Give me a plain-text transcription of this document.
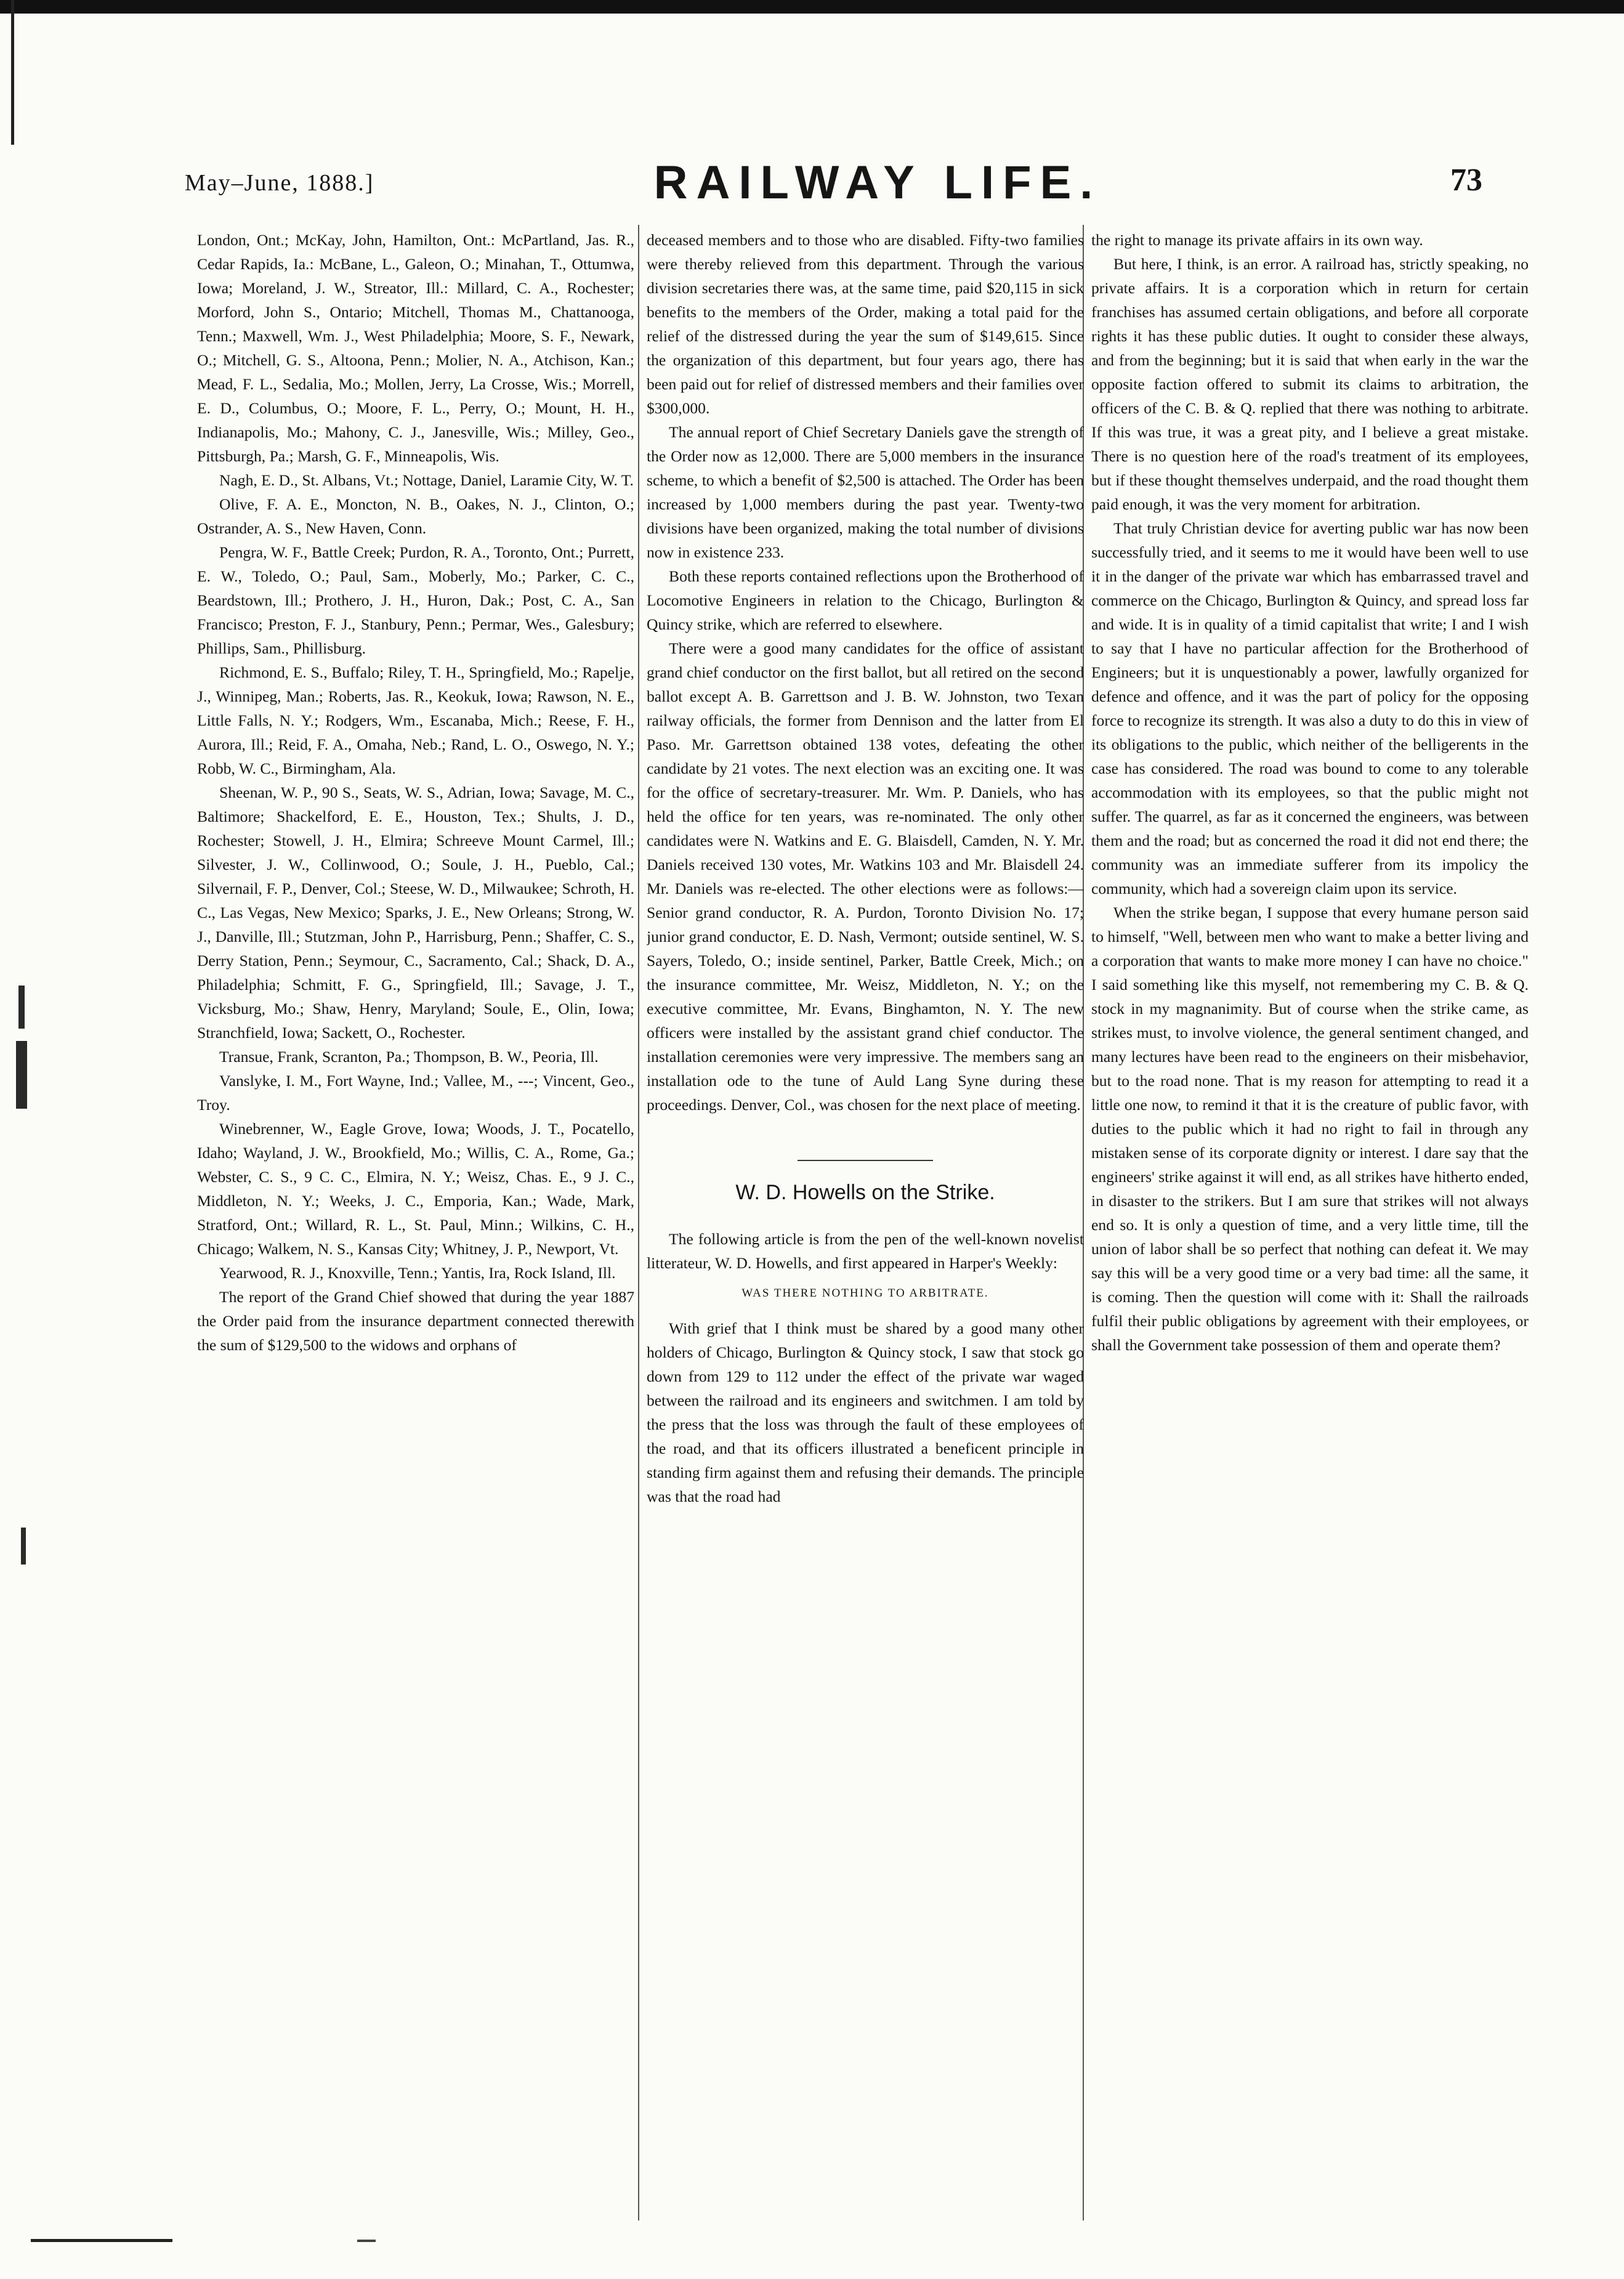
May–June, 1888.]	RAILWAY LIFE.	73

London, Ont.; McKay, John, Hamilton, Ont.: McPartland, Jas. R., Cedar Rapids, Ia.: McBane, L., Galeon, O.; Minahan, T., Ottumwa, Iowa; Moreland, J. W., Streator, Ill.: Millard, C. A., Rochester; Morford, John S., Ontario; Mitchell, Thomas M., Chattanooga, Tenn.; Maxwell, Wm. J., West Philadelphia; Moore, S. F., Newark, O.; Mitchell, G. S., Altoona, Penn.; Molier, N. A., Atchison, Kan.; Mead, F. L., Sedalia, Mo.; Mollen, Jerry, La Crosse, Wis.; Morrell, E. D., Columbus, O.; Moore, F. L., Perry, O.; Mount, H. H., Indianapolis, Mo.; Mahony, C. J., Janesville, Wis.; Milley, Geo., Pittsburgh, Pa.; Marsh, G. F., Minneapolis, Wis.

Nagh, E. D., St. Albans, Vt.; Nottage, Daniel, Laramie City, W. T.

Olive, F. A. E., Moncton, N. B., Oakes, N. J., Clinton, O.; Ostrander, A. S., New Haven, Conn.

Pengra, W. F., Battle Creek; Purdon, R. A., Toronto, Ont.; Purrett, E. W., Toledo, O.; Paul, Sam., Moberly, Mo.; Parker, C. C., Beardstown, Ill.; Prothero, J. H., Huron, Dak.; Post, C. A., San Francisco; Preston, F. J., Stanbury, Penn.; Permar, Wes., Galesbury; Phillips, Sam., Phillisburg.

Richmond, E. S., Buffalo; Riley, T. H., Springfield, Mo.; Rapelje, J., Winnipeg, Man.; Roberts, Jas. R., Keokuk, Iowa; Rawson, N. E., Little Falls, N. Y.; Rodgers, Wm., Escanaba, Mich.; Reese, F. H., Aurora, Ill.; Reid, F. A., Omaha, Neb.; Rand, L. O., Oswego, N. Y.; Robb, W. C., Birmingham, Ala.

Sheenan, W. P., 90 S., Seats, W. S., Adrian, Iowa; Savage, M. C., Baltimore; Shackelford, E. E., Houston, Tex.; Shults, J. D., Rochester; Stowell, J. H., Elmira; Schreeve Mount Carmel, Ill.; Silvester, J. W., Collinwood, O.; Soule, J. H., Pueblo, Cal.; Silvernail, F. P., Denver, Col.; Steese, W. D., Milwaukee; Schroth, H. C., Las Vegas, New Mexico; Sparks, J. E., New Orleans; Strong, W. J., Danville, Ill.; Stutzman, John P., Harrisburg, Penn.; Shaffer, C. S., Derry Station, Penn.; Seymour, C., Sacramento, Cal.; Shack, D. A., Philadelphia; Schmitt, F. G., Springfield, Ill.; Savage, J. T., Vicksburg, Mo.; Shaw, Henry, Maryland; Soule, E., Olin, Iowa; Stranchfield, Iowa; Sackett, O., Rochester.

Transue, Frank, Scranton, Pa.; Thompson, B. W., Peoria, Ill.

Vanslyke, I. M., Fort Wayne, Ind.; Vallee, M., ---; Vincent, Geo., Troy.

Winebrenner, W., Eagle Grove, Iowa; Woods, J. T., Pocatello, Idaho; Wayland, J. W., Brookfield, Mo.; Willis, C. A., Rome, Ga.; Webster, C. S., 9 C. C., Elmira, N. Y.; Weisz, Chas. E., 9 J. C., Middleton, N. Y.; Weeks, J. C., Emporia, Kan.; Wade, Mark, Stratford, Ont.; Willard, R. L., St. Paul, Minn.; Wilkins, C. H., Chicago; Walkem, N. S., Kansas City; Whitney, J. P., Newport, Vt.

Yearwood, R. J., Knoxville, Tenn.; Yantis, Ira, Rock Island, Ill.

The report of the Grand Chief showed that during the year 1887 the Order paid from the insurance department connected therewith the sum of $129,500 to the widows and orphans of

deceased members and to those who are disabled. Fifty-two families were thereby relieved from this department. Through the various division secretaries there was, at the same time, paid $20,115 in sick benefits to the members of the Order, making a total paid for the relief of the distressed during the year the sum of $149,615. Since the organization of this department, but four years ago, there has been paid out for relief of distressed members and their families over $300,000.

The annual report of Chief Secretary Daniels gave the strength of the Order now as 12,000. There are 5,000 members in the insurance scheme, to which a benefit of $2,500 is attached. The Order has been increased by 1,000 members during the past year. Twenty-two divisions have been organized, making the total number of divisions now in existence 233.

Both these reports contained reflections upon the Brotherhood of Locomotive Engineers in relation to the Chicago, Burlington & Quincy strike, which are referred to elsewhere.

There were a good many candidates for the office of assistant grand chief conductor on the first ballot, but all retired on the second ballot except A. B. Garrettson and J. B. W. Johnston, two Texan railway officials, the former from Dennison and the latter from El Paso. Mr. Garrettson obtained 138 votes, defeating the other candidate by 21 votes. The next election was an exciting one. It was for the office of secretary-treasurer. Mr. Wm. P. Daniels, who has held the office for ten years, was re-nominated. The only other candidates were N. Watkins and E. G. Blaisdell, Camden, N. Y. Mr. Daniels received 130 votes, Mr. Watkins 103 and Mr. Blaisdell 24. Mr. Daniels was re-elected. The other elections were as follows:—Senior grand conductor, R. A. Purdon, Toronto Division No. 17; junior grand conductor, E. D. Nash, Vermont; outside sentinel, W. S. Sayers, Toledo, O.; inside sentinel, Parker, Battle Creek, Mich.; on the insurance committee, Mr. Weisz, Middleton, N. Y.; on the executive committee, Mr. Evans, Binghamton, N. Y. The new officers were installed by the assistant grand chief conductor. The installation ceremonies were very impressive. The members sang an installation ode to the tune of Auld Lang Syne during these proceedings. Denver, Col., was chosen for the next place of meeting.

W. D. Howells on the Strike.

The following article is from the pen of the well-known novelist litterateur, W. D. Howells, and first appeared in Harper's Weekly:

WAS THERE NOTHING TO ARBITRATE.

With grief that I think must be shared by a good many other holders of Chicago, Burlington & Quincy stock, I saw that stock go down from 129 to 112 under the effect of the private war waged between the railroad and its engineers and switchmen. I am told by the press that the loss was through the fault of these employees of the road, and that its officers illustrated a beneficent principle in standing firm against them and refusing their demands. The principle was that the road had

the right to manage its private affairs in its own way.

But here, I think, is an error. A railroad has, strictly speaking, no private affairs. It is a corporation which in return for certain franchises has assumed certain obligations, and before all corporate rights it has these public duties. It ought to consider these always, and from the beginning; but it is said that when early in the war the opposite faction offered to submit its claims to arbitration, the officers of the C. B. & Q. replied that there was nothing to arbitrate. If this was true, it was a great pity, and I believe a great mistake. There is no question here of the road's treatment of its employees, but if these thought themselves underpaid, and the road thought them paid enough, it was the very moment for arbitration.

That truly Christian device for averting public war has now been successfully tried, and it seems to me it would have been well to use it in the danger of the private war which has embarrassed travel and commerce on the Chicago, Burlington & Quincy, and spread loss far and wide. It is in quality of a timid capitalist that write; I and I wish to say that I have no particular affection for the Brotherhood of Engineers; but it is unquestionably a power, lawfully organized for defence and offence, and it was the part of policy for the opposing force to recognize its strength. It was also a duty to do this in view of its obligations to the public, which neither of the belligerents in the case has considered. The road was bound to come to any tolerable accommodation with its employees, so that the public might not suffer. The quarrel, as far as it concerned the engineers, was between them and the road; but as concerned the road it did not end there; the community was an immediate sufferer from its impolicy the community, which had a sovereign claim upon its service.

When the strike began, I suppose that every humane person said to himself, "Well, between men who want to make a better living and a corporation that wants to make more money I can have no choice." I said something like this myself, not remembering my C. B. & Q. stock in my magnanimity. But of course when the strike came, as strikes must, to involve violence, the general sentiment changed, and many lectures have been read to the engineers on their misbehavior, but to the road none. That is my reason for attempting to read it a little one now, to remind it that it is the creature of public favor, with duties to the public which it had no right to fail in through any mistaken sense of its corporate dignity or interest. I dare say that the engineers' strike against it will end, as all strikes have hitherto ended, in disaster to the strikers. But I am sure that strikes will not always end so. It is only a question of time, and a very little time, till the union of labor shall be so perfect that nothing can defeat it. We may say this will be a very good time or a very bad time: all the same, it is coming. Then the question will come with it: Shall the railroads fulfil their public obligations by agreement with their employees, or shall the Government take possession of them and operate them?
